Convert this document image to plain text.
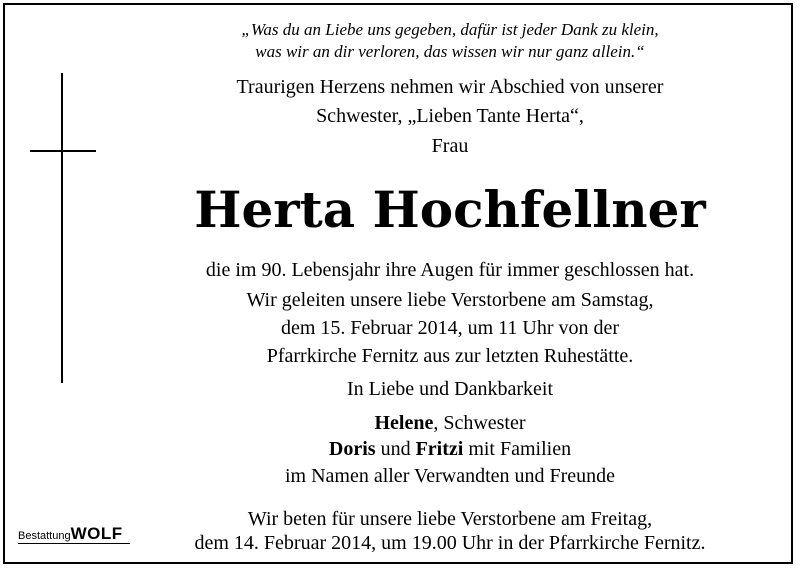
„Was du an Liebe uns gegeben, dafür ist jeder Dank zu klein,
was wir an dir verloren, das wissen wir nur ganz allein.“
Traurigen Herzens nehmen wir Abschied von unserer
Schwester, „Lieben Tante Herta“,
Frau
Herta Hochfellner
die im 90. Lebensjahr ihre Augen für immer geschlossen hat.
Wir geleiten unsere liebe Verstorbene am Samstag,
dem 15. Februar 2014, um 11 Uhr von der
Pfarrkirche Fernitz aus zur letzten Ruhestätte.
In Liebe und Dankbarkeit
Helene, Schwester
Doris und Fritzi mit Familien
im Namen aller Verwandten und Freunde
Wir beten für unsere liebe Verstorbene am Freitag,
dem 14. Februar 2014, um 19.00 Uhr in der Pfarrkirche Fernitz.
BestattungWOLF
